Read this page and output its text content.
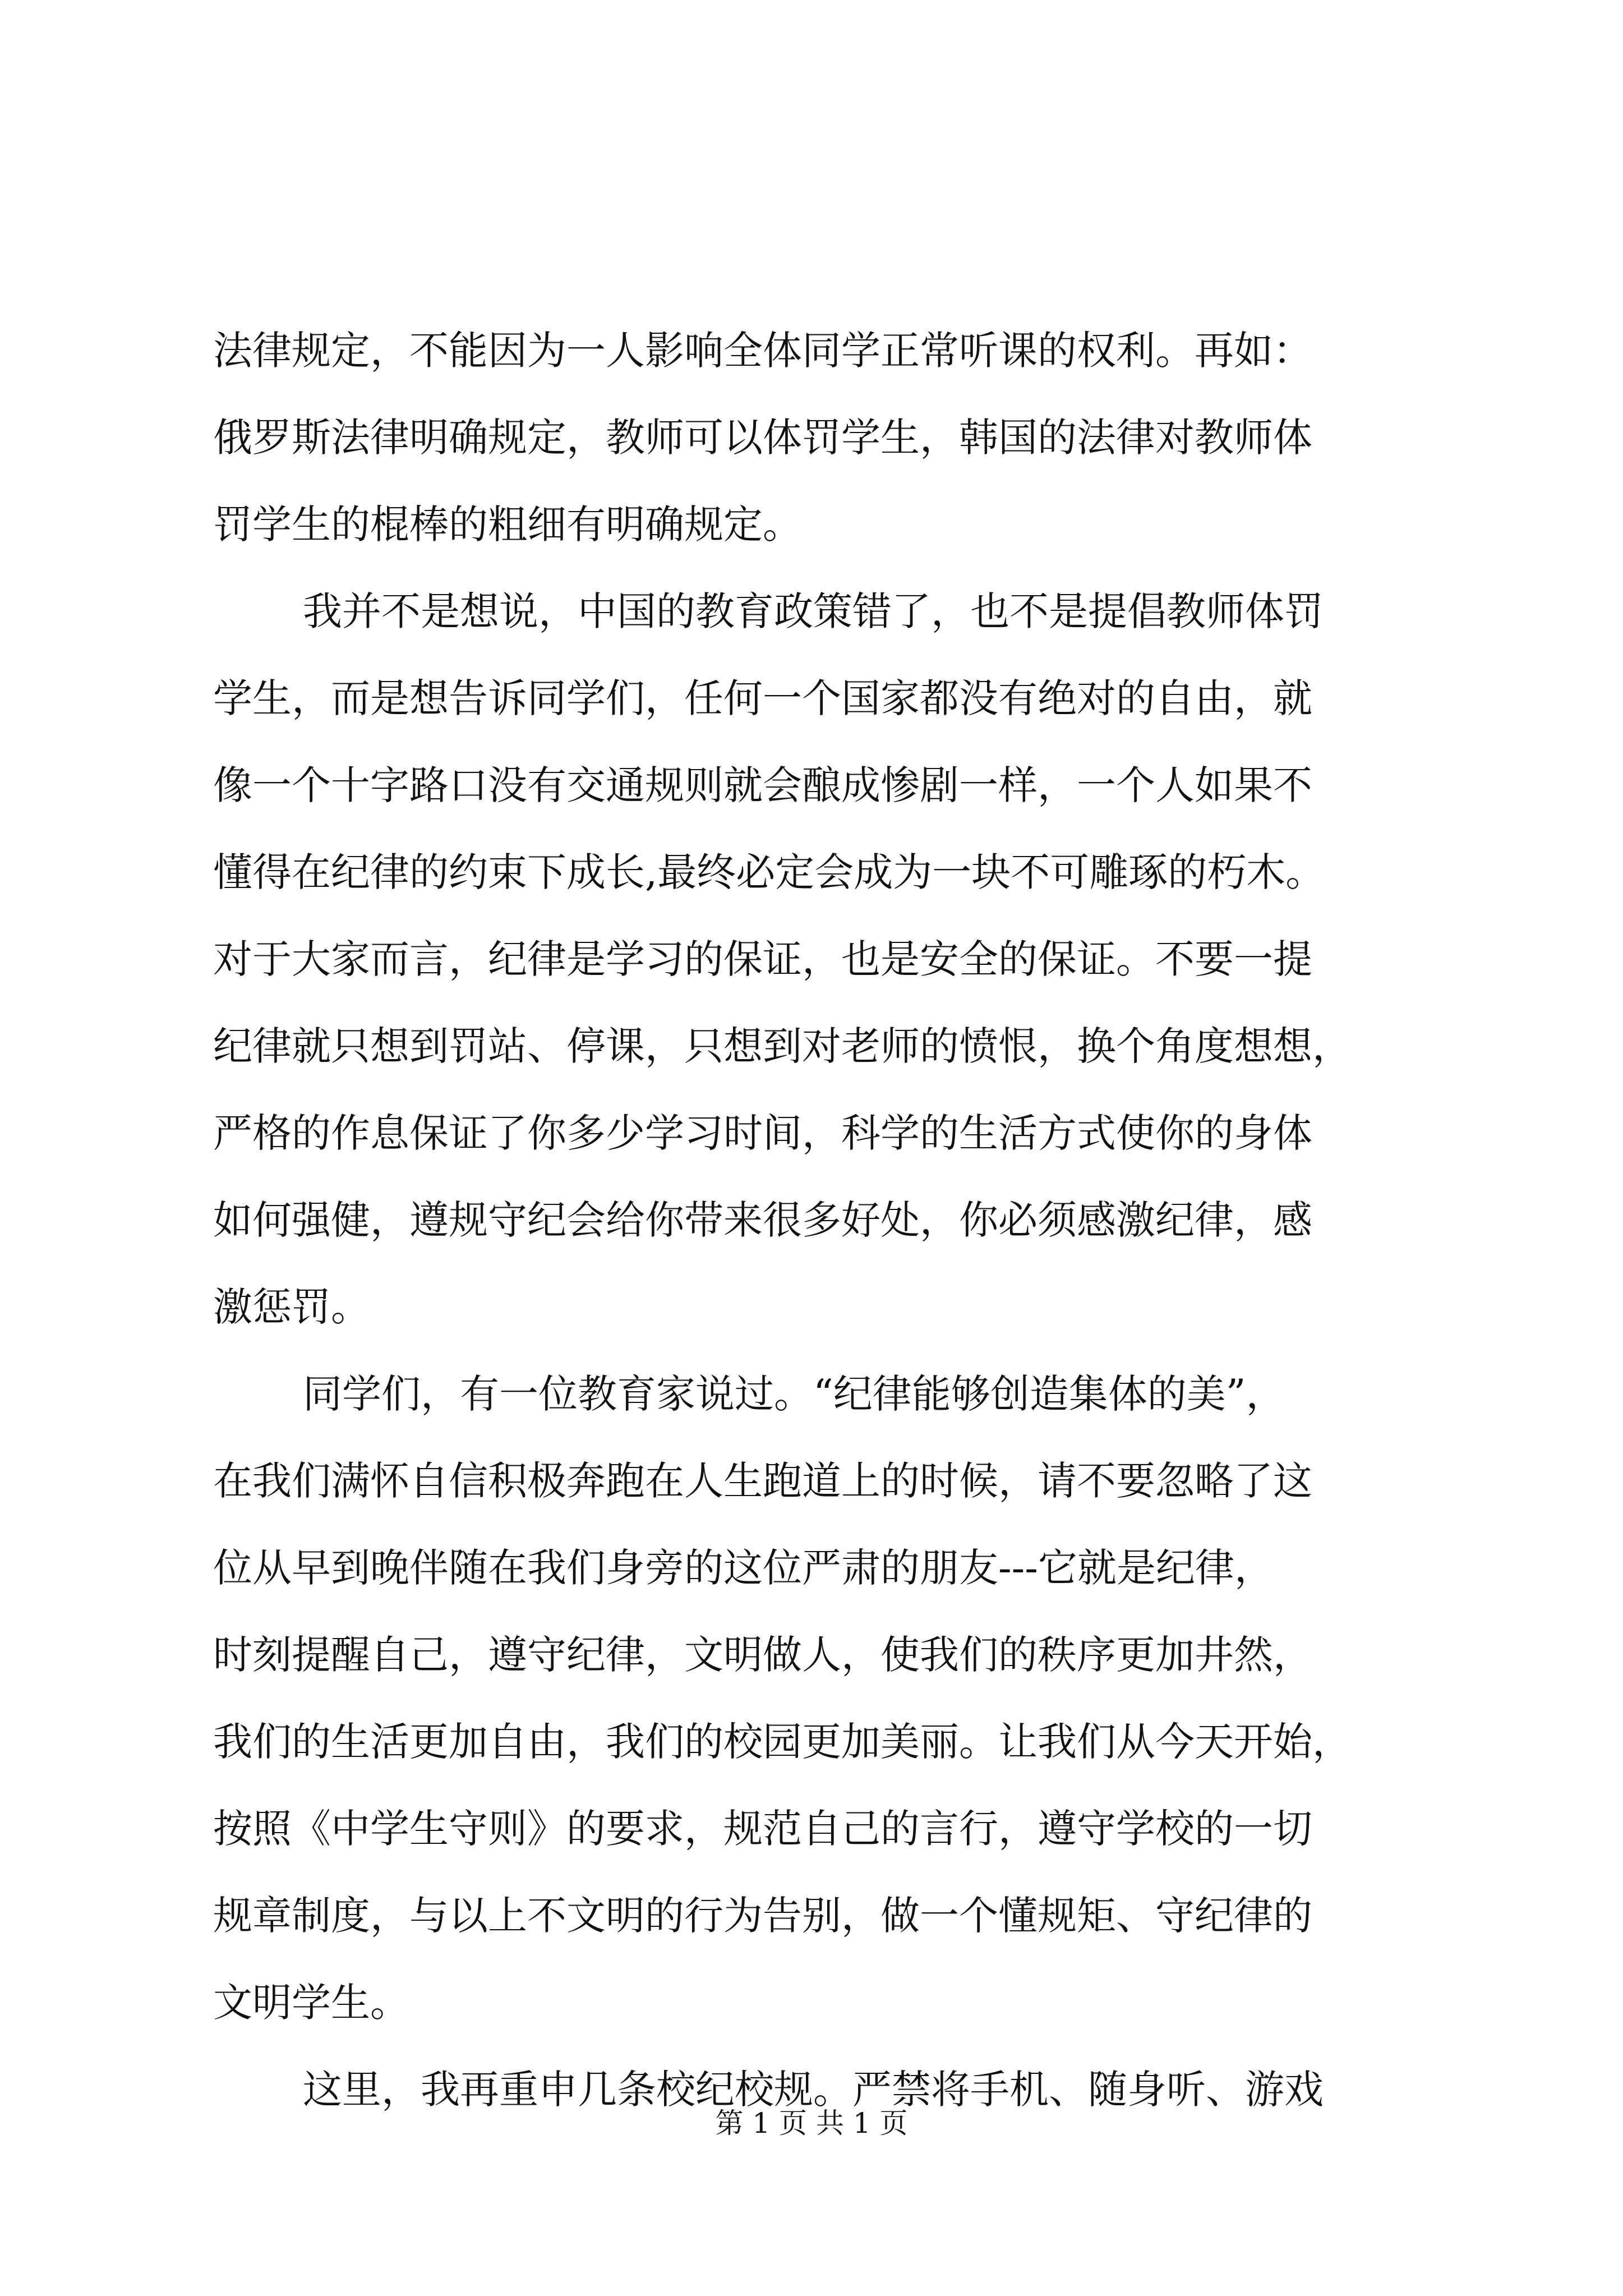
法律规定，不能因为一人影响全体同学正常听课的权利。再如：
俄罗斯法律明确规定，教师可以体罚学生，韩国的法律对教师体
罚学生的棍棒的粗细有明确规定。
我并不是想说，中国的教育政策错了，也不是提倡教师体罚
学生，而是想告诉同学们，任何一个国家都没有绝对的自由，就
像一个十字路口没有交通规则就会酿成惨剧一样，一个人如果不
懂得在纪律的约束下成长,最终必定会成为一块不可雕琢的朽木。
对于大家而言，纪律是学习的保证，也是安全的保证。不要一提
纪律就只想到罚站、停课，只想到对老师的愤恨，换个角度想想，
严格的作息保证了你多少学习时间，科学的生活方式使你的身体
如何强健，遵规守纪会给你带来很多好处，你必须感激纪律，感
激惩罚。
同学们，有一位教育家说过。“纪律能够创造集体的美”，
在我们满怀自信积极奔跑在人生跑道上的时候，请不要忽略了这
位从早到晚伴随在我们身旁的这位严肃的朋友---它就是纪律，
时刻提醒自己，遵守纪律，文明做人，使我们的秩序更加井然，
我们的生活更加自由，我们的校园更加美丽。让我们从今天开始，
按照《中学生守则》的要求，规范自己的言行，遵守学校的一切
规章制度，与以上不文明的行为告别，做一个懂规矩、守纪律的
文明学生。
这里，我再重申几条校纪校规。严禁将手机、随身听、游戏
第 1 页 共 1 页
